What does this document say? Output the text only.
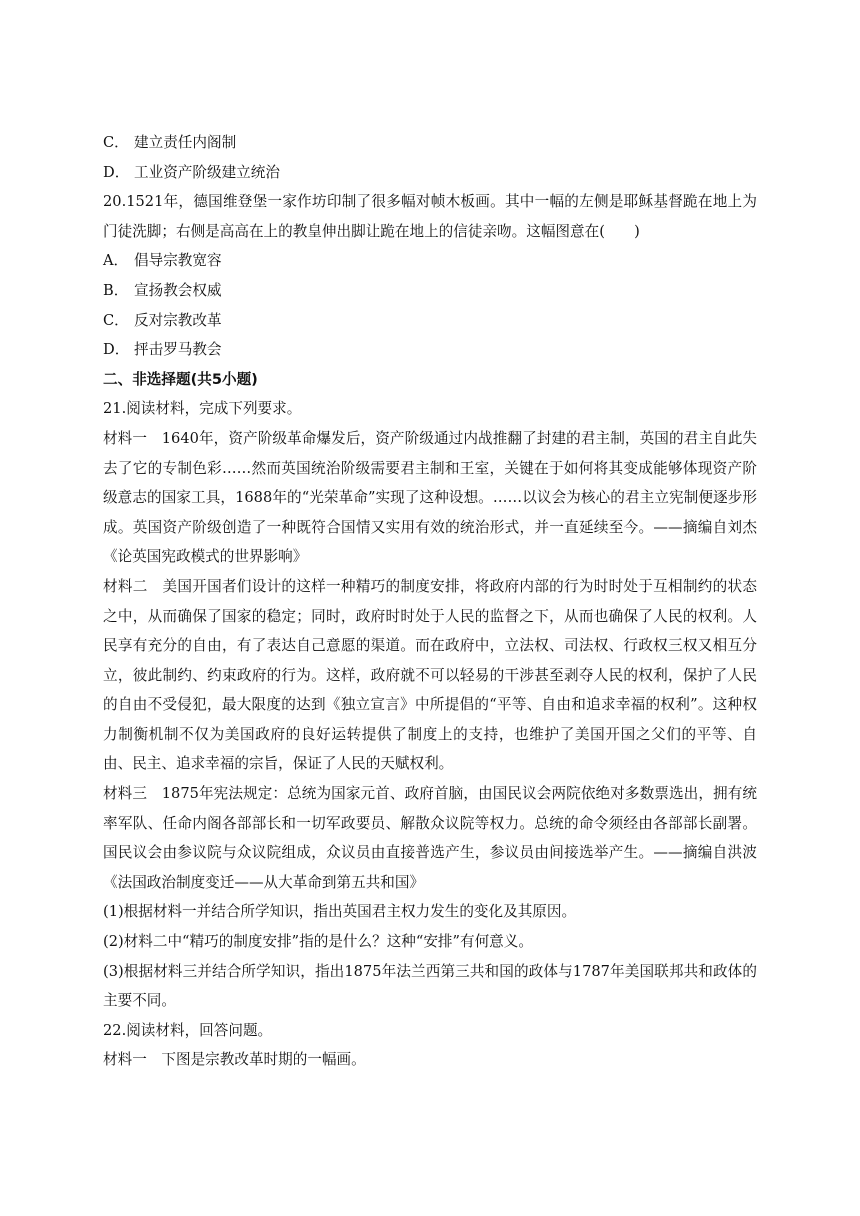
C． 建立责任内阁制
D． 工业资产阶级建立统治
20.1521年，德国维登堡一家作坊印制了很多幅对帧木板画。其中一幅的左侧是耶稣基督跪在地上为门徒洗脚；右侧是高高在上的教皇伸出脚让跪在地上的信徒亲吻。这幅图意在(　　)
A． 倡导宗教宽容
B． 宣扬教会权威
C． 反对宗教改革
D． 抨击罗马教会
二、非选择题(共5小题)
21.阅读材料，完成下列要求。
材料一　1640年，资产阶级革命爆发后，资产阶级通过内战推翻了封建的君主制，英国的君主自此失去了它的专制色彩……然而英国统治阶级需要君主制和王室，关键在于如何将其变成能够体现资产阶级意志的国家工具，1688年的“光荣革命”实现了这种设想。……以议会为核心的君主立宪制便逐步形成。英国资产阶级创造了一种既符合国情又实用有效的统治形式，并一直延续至今。——摘编自刘杰《论英国宪政模式的世界影响》
材料二　美国开国者们设计的这样一种精巧的制度安排，将政府内部的行为时时处于互相制约的状态之中，从而确保了国家的稳定；同时，政府时时处于人民的监督之下，从而也确保了人民的权利。人民享有充分的自由，有了表达自己意愿的渠道。而在政府中，立法权、司法权、行政权三权又相互分立，彼此制约、约束政府的行为。这样，政府就不可以轻易的干涉甚至剥夺人民的权利，保护了人民的自由不受侵犯，最大限度的达到《独立宣言》中所提倡的“平等、自由和追求幸福的权利”。这种权力制衡机制不仅为美国政府的良好运转提供了制度上的支持，也维护了美国开国之父们的平等、自由、民主、追求幸福的宗旨，保证了人民的天赋权利。
材料三　1875年宪法规定：总统为国家元首、政府首脑，由国民议会两院依绝对多数票选出，拥有统率军队、任命内阁各部部长和一切军政要员、解散众议院等权力。总统的命令须经由各部部长副署。国民议会由参议院与众议院组成，众议员由直接普选产生，参议员由间接选举产生。——摘编自洪波《法国政治制度变迁——从大革命到第五共和国》
(1)根据材料一并结合所学知识，指出英国君主权力发生的变化及其原因。
(2)材料二中“精巧的制度安排”指的是什么？这种“安排”有何意义。
(3)根据材料三并结合所学知识，指出1875年法兰西第三共和国的政体与1787年美国联邦共和政体的主要不同。
22.阅读材料，回答问题。
材料一　下图是宗教改革时期的一幅画。
